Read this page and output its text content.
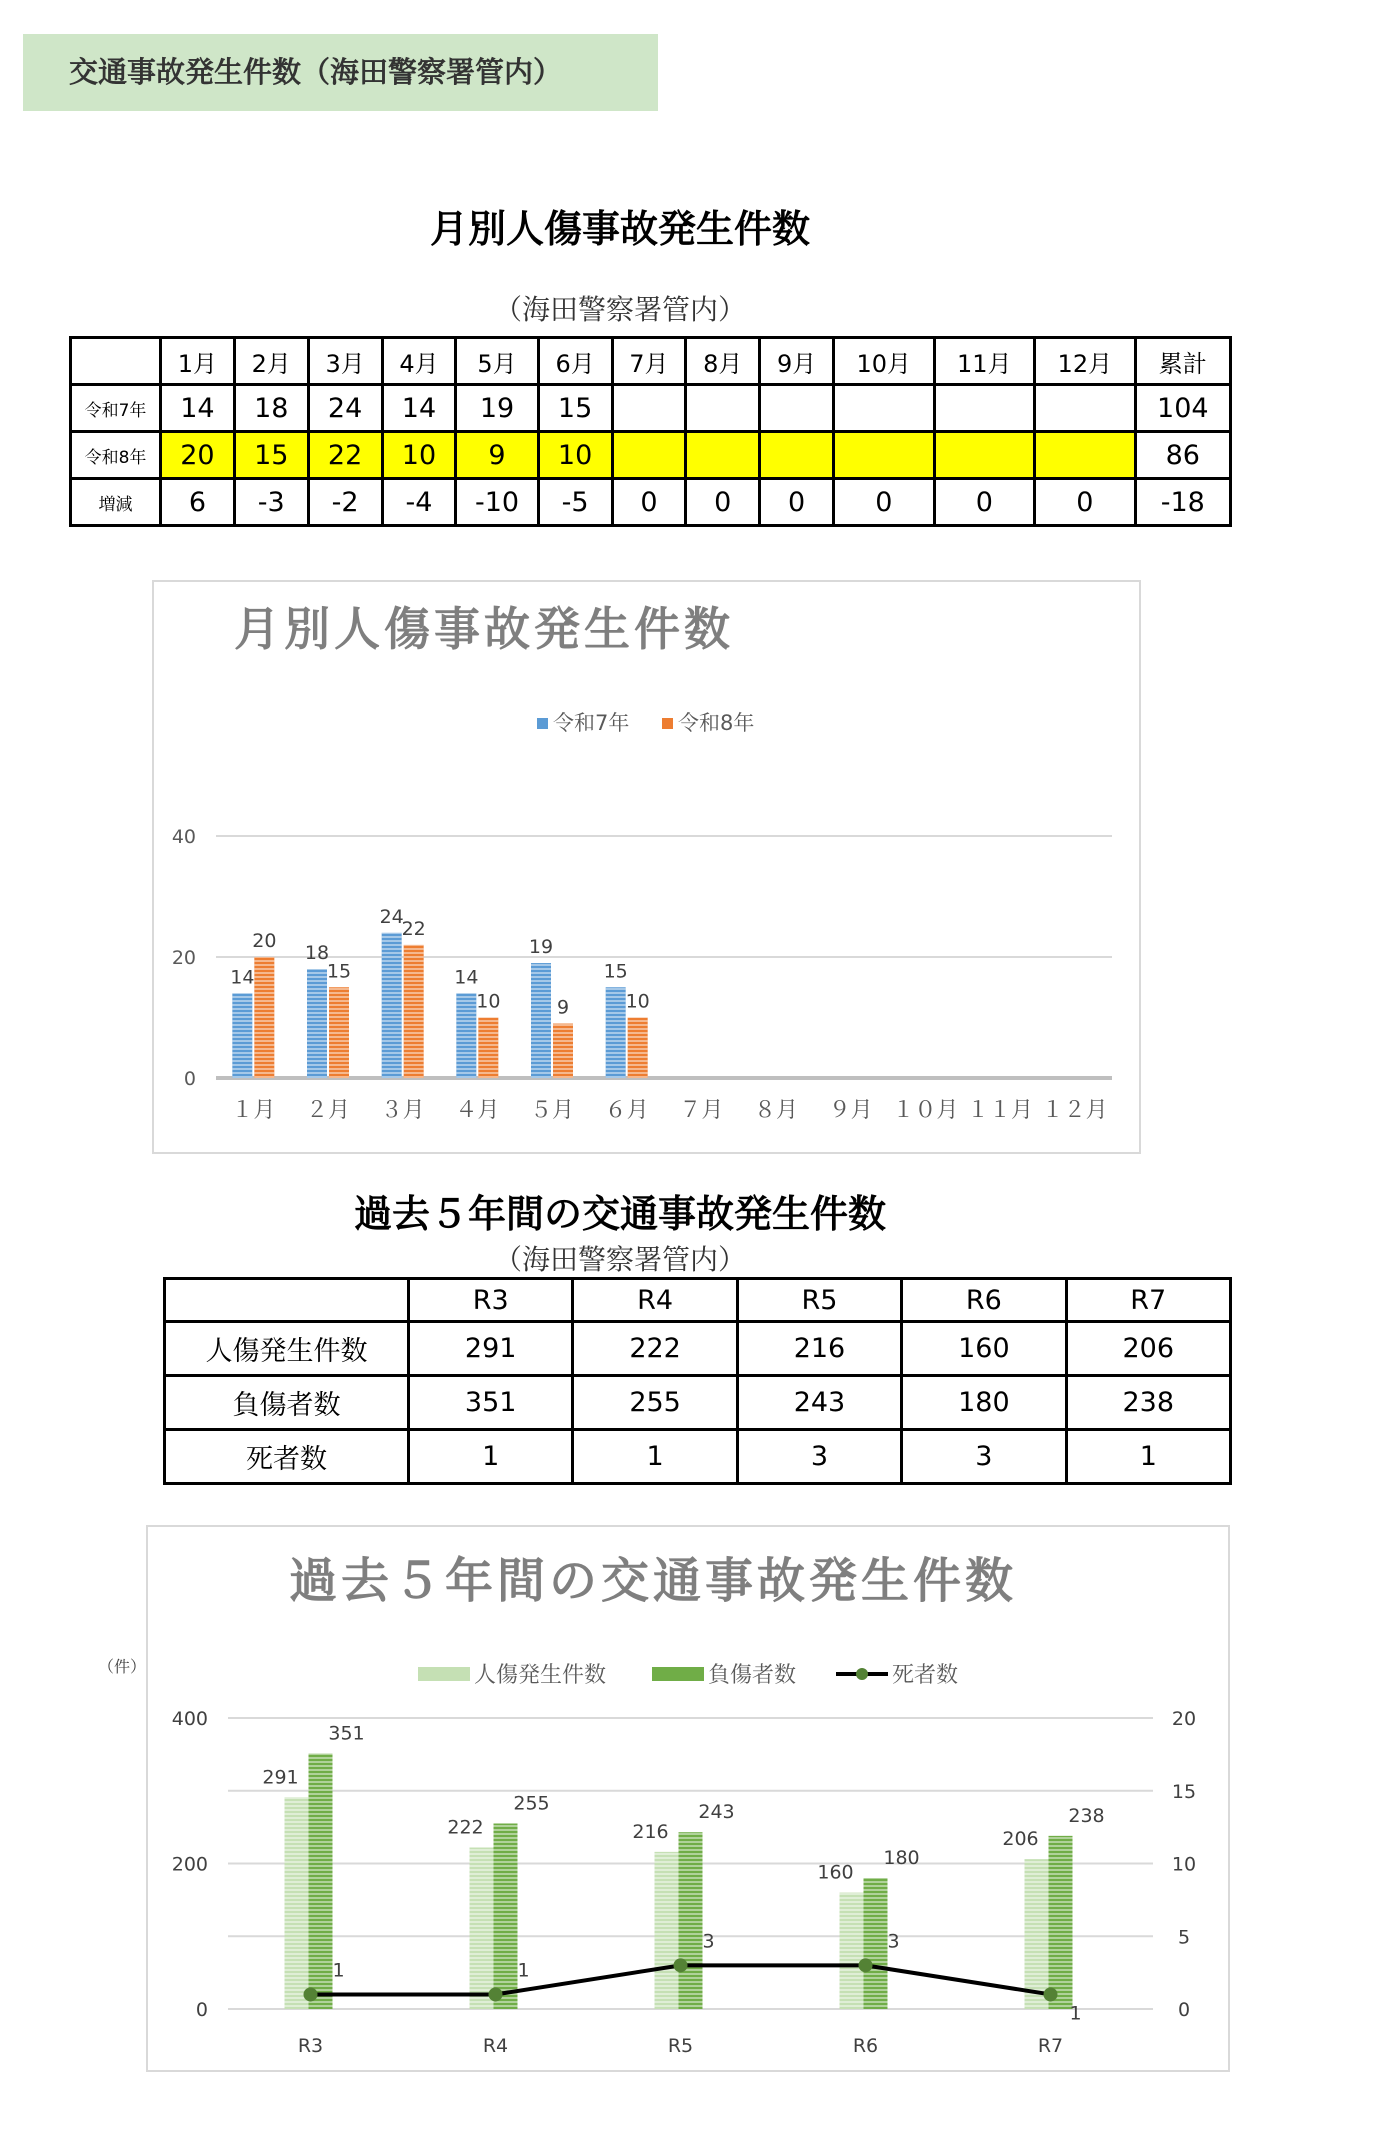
交通事故発生件数（海田警察署管内）
月別人傷事故発生件数
（海田警察署管内）
	1月	2月	3月	4月	5月	6月	7月	8月	9月	10月	11月	12月	累計
令和7年	14	18	24	14	19	15							104
令和8年	20	15	22	10	9	10							86
増減	6	-3	-2	-4	-10	-5	0	0	0	0	0	0	-18
月別人傷事故発生件数
0
20
40
１月 ２月 ３月 ４月 ５月 ６月 ７月 ８月 ９月 １０月 １１月 １２月
14
18
24
14
19
15
20
15
22
10	9	10
令和7年 令和8年
過去５年間の交通事故発生件数
（海田警察署管内）
	R3	R4	R5	R6	R7
人傷発生件数	291	222	216	160	206
負傷者数	351	255	243	180	238
死者数	1	1	3	3	1
過去５年間の交通事故発生件数
（件）
0
200
400
0
5
10
15
20
R3	R4	R5	R6	R7
291
222	216
160
206
351
255	243
180
238
1	1
3	3
1
人傷発生件数	負傷者数	死者数
